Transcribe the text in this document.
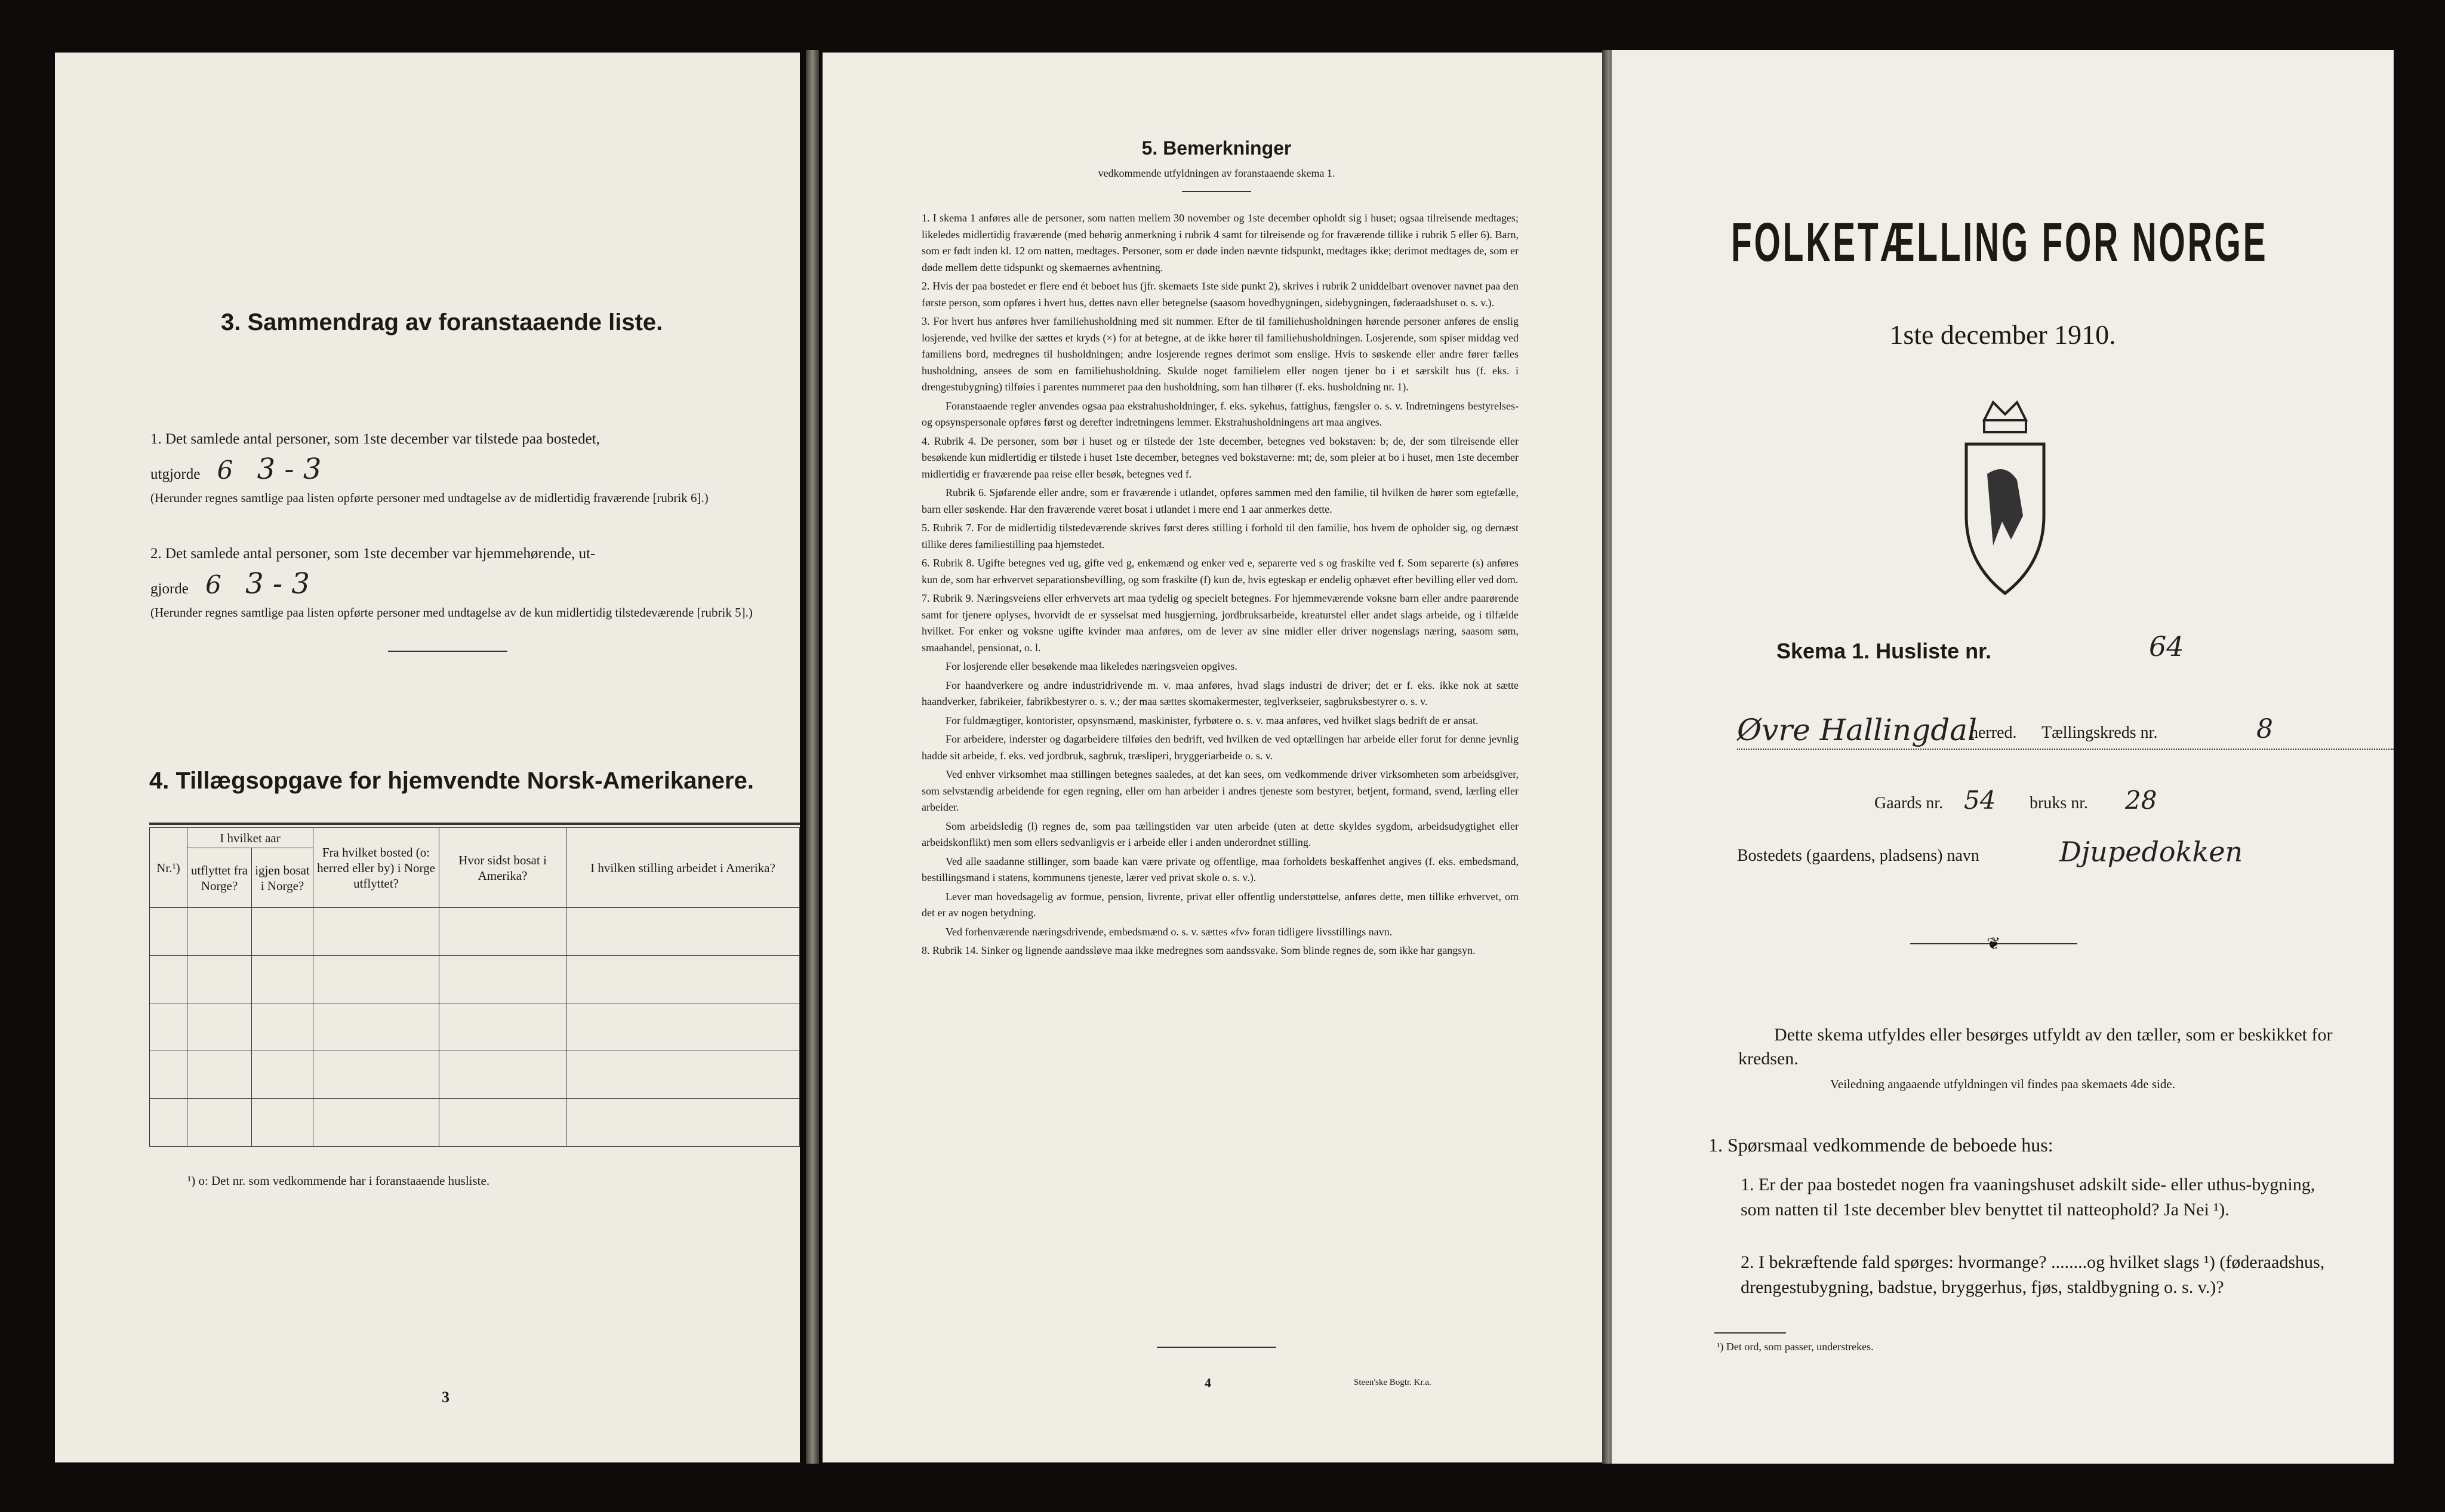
3. Sammendrag av foranstaaende liste.
1. Det samlede antal personer, som 1ste december var tilstede paa bostedet,
utgjorde 6 3 - 3
(Herunder regnes samtlige paa listen opførte personer med undtagelse av de midlertidig fraværende [rubrik 6].)
2. Det samlede antal personer, som 1ste december var hjemmehørende, ut-
gjorde 6 3 - 3
(Herunder regnes samtlige paa listen opførte personer med undtagelse av de kun midlertidig tilstedeværende [rubrik 5].)
4. Tillægsopgave for hjemvendte Norsk-Amerikanere.
Nr.¹)	I hvilket aar		Fra hvilket bosted (o: herred eller by) i Norge utflyttet?	Hvor sidst bosat i Amerika?	I hvilken stilling arbeidet i Amerika?
	utflyttet fra Norge?	igjen bosat i Norge?			

¹) o: Det nr. som vedkommende har i foranstaaende husliste.
3
5. Bemerkninger
vedkommende utfyldningen av foranstaaende skema 1.

1. I skema 1 anføres alle de personer, som natten mellem 30 november og 1ste december opholdt sig i huset; ogsaa tilreisende medtages; likeledes midlertidig fraværende (med behørig anmerkning i rubrik 4 samt for tilreisende og for fraværende tillike i rubrik 5 eller 6). Barn, som er født inden kl. 12 om natten, medtages. Personer, som er døde inden nævnte tidspunkt, medtages ikke; derimot medtages de, som er døde mellem dette tidspunkt og skemaernes avhentning.

2. Hvis der paa bostedet er flere end ét beboet hus (jfr. skemaets 1ste side punkt 2), skrives i rubrik 2 uniddelbart ovenover navnet paa den første person, som opføres i hvert hus, dettes navn eller betegnelse (saasom hovedbygningen, sidebygningen, føderaadshuset o. s. v.).

3. For hvert hus anføres hver familiehusholdning med sit nummer. Efter de til familiehusholdningen hørende personer anføres de enslig losjerende, ved hvilke der sættes et kryds (×) for at betegne, at de ikke hører til familiehusholdningen. Losjerende, som spiser middag ved familiens bord, medregnes til husholdningen; andre losjerende regnes derimot som enslige. Hvis to søskende eller andre fører fælles husholdning, ansees de som en familiehusholdning. Skulde noget familielem eller nogen tjener bo i et særskilt hus (f. eks. i drengestubygning) tilføies i parentes nummeret paa den husholdning, som han tilhører (f. eks. husholdning nr. 1).

Foranstaaende regler anvendes ogsaa paa ekstrahusholdninger, f. eks. sykehus, fattighus, fængsler o. s. v. Indretningens bestyrelses- og opsynspersonale opføres først og derefter indretningens lemmer. Ekstrahusholdningens art maa angives.

4. Rubrik 4. De personer, som bør i huset og er tilstede der 1ste december, betegnes ved bokstaven: b; de, der som tilreisende eller besøkende kun midlertidig er tilstede i huset 1ste december, betegnes ved bokstaverne: mt; de, som pleier at bo i huset, men 1ste december midlertidig er fraværende paa reise eller besøk, betegnes ved f.

Rubrik 6. Sjøfarende eller andre, som er fraværende i utlandet, opføres sammen med den familie, til hvilken de hører som egtefælle, barn eller søskende. Har den fraværende været bosat i utlandet i mere end 1 aar anmerkes dette.

5. Rubrik 7. For de midlertidig tilstedeværende skrives først deres stilling i forhold til den familie, hos hvem de opholder sig, og dernæst tillike deres familiestilling paa hjemstedet.

6. Rubrik 8. Ugifte betegnes ved ug, gifte ved g, enkemænd og enker ved e, separerte ved s og fraskilte ved f. Som separerte (s) anføres kun de, som har erhvervet separationsbevilling, og som fraskilte (f) kun de, hvis egteskap er endelig ophævet efter bevilling eller ved dom.

7. Rubrik 9. Næringsveiens eller erhvervets art maa tydelig og specielt betegnes. For hjemmeværende voksne barn eller andre paarørende samt for tjenere oplyses, hvorvidt de er sysselsat med husgjerning, jordbruksarbeide, kreaturstel eller andet slags arbeide, og i tilfælde hvilket. For enker og voksne ugifte kvinder maa anføres, om de lever av sine midler eller driver nogenslags næring, saasom søm, smaahandel, pensionat, o. l.

For losjerende eller besøkende maa likeledes næringsveien opgives.

For haandverkere og andre industridrivende m. v. maa anføres, hvad slags industri de driver; det er f. eks. ikke nok at sætte haandverker, fabrikeier, fabrikbestyrer o. s. v.; der maa sættes skomakermester, teglverkseier, sagbruksbestyrer o. s. v.

For fuldmægtiger, kontorister, opsynsmænd, maskinister, fyrbøtere o. s. v. maa anføres, ved hvilket slags bedrift de er ansat.

For arbeidere, inderster og dagarbeidere tilføies den bedrift, ved hvilken de ved optællingen har arbeide eller forut for denne jevnlig hadde sit arbeide, f. eks. ved jordbruk, sagbruk, træsliperi, bryggeriarbeide o. s. v.

Ved enhver virksomhet maa stillingen betegnes saaledes, at det kan sees, om vedkommende driver virksomheten som arbeidsgiver, som selvstændig arbeidende for egen regning, eller om han arbeider i andres tjeneste som bestyrer, betjent, formand, svend, lærling eller arbeider.

Som arbeidsledig (l) regnes de, som paa tællingstiden var uten arbeide (uten at dette skyldes sygdom, arbeidsudygtighet eller arbeidskonflikt) men som ellers sedvanligvis er i arbeide eller i anden underordnet stilling.

Ved alle saadanne stillinger, som baade kan være private og offentlige, maa forholdets beskaffenhet angives (f. eks. embedsmand, bestillingsmand i statens, kommunens tjeneste, lærer ved privat skole o. s. v.).

Lever man hovedsagelig av formue, pension, livrente, privat eller offentlig understøttelse, anføres dette, men tillike erhvervet, om det er av nogen betydning.

Ved forhenværende næringsdrivende, embedsmænd o. s. v. sættes «fv» foran tidligere livsstillings navn.

8. Rubrik 14. Sinker og lignende aandssløve maa ikke medregnes som aandssvake. Som blinde regnes de, som ikke har gangsyn.

4	Steen'ske Bogtr. Kr.a.
FOLKETÆLLING FOR NORGE
1ste december 1910.
Skema 1. Husliste nr.	64
Øvre Hallingdal
herred. Tællingskreds nr.	8
Gaards nr. 54 bruks nr. 28
Bostedets (gaardens, pladsens) navn	Djupedokken
❦
Dette skema utfyldes eller besørges utfyldt av den tæller, som er beskikket for kredsen.
Veiledning angaaende utfyldningen vil findes paa skemaets 4de side.
1. Spørsmaal vedkommende de beboede hus:
1. Er der paa bostedet nogen fra vaaningshuset adskilt side- eller uthus-bygning, som natten til 1ste december blev benyttet til natteophold? Ja Nei ¹).
2. I bekræftende fald spørges: hvormange? ........og hvilket slags ¹) (føderaadshus, drengestubygning, badstue, bryggerhus, fjøs, staldbygning o. s. v.)?
¹) Det ord, som passer, understrekes.
